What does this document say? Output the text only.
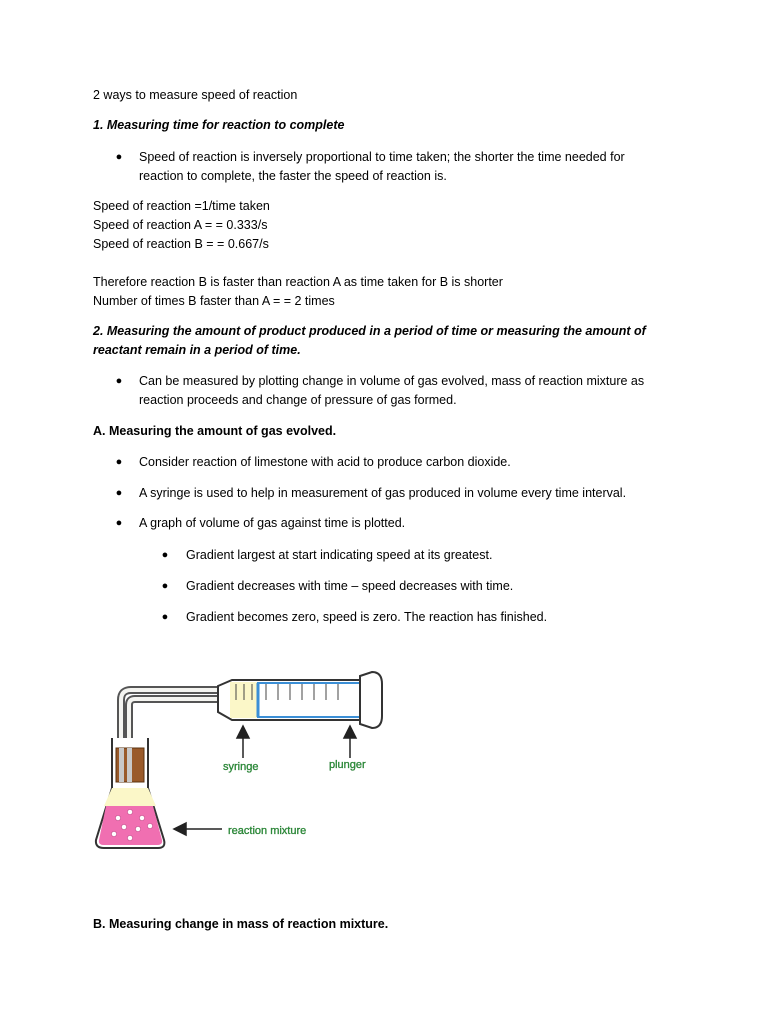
2 ways to measure speed of reaction
1. Measuring time for reaction to complete
● Speed of reaction is inversely proportional to time taken; the shorter the time needed for
reaction to complete, the faster the speed of reaction is.
Speed of reaction =1/time taken
Speed of reaction A = = 0.333/s
Speed of reaction B = = 0.667/s
Therefore reaction B is faster than reaction A as time taken for B is shorter
Number of times B faster than A = = 2 times
2. Measuring the amount of product produced in a period of time or measuring the amount of
reactant remain in a period of time.
● Can be measured by plotting change in volume of gas evolved, mass of reaction mixture as
reaction proceeds and change of pressure of gas formed.
A. Measuring the amount of gas evolved.
● Consider reaction of limestone with acid to produce carbon dioxide.
● A syringe is used to help in measurement of gas produced in volume every time interval.
● A graph of volume of gas against time is plotted.
● Gradient largest at start indicating speed at its greatest.
● Gradient decreases with time – speed decreases with time.
● Gradient becomes zero, speed is zero. The reaction has finished.
syringe	plunger
reaction mixture
B. Measuring change in mass of reaction mixture.
